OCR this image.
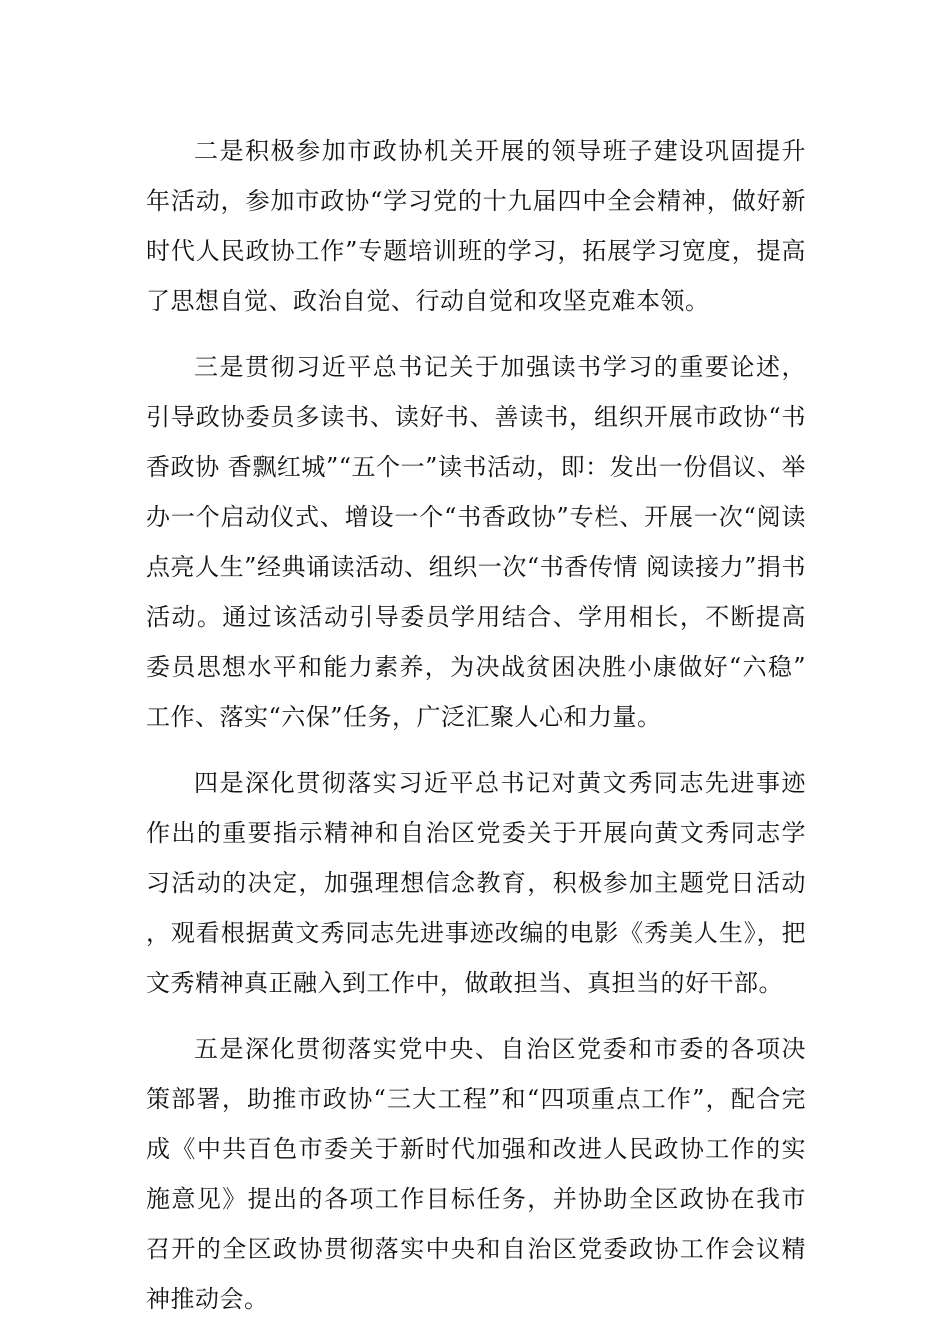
二是积极参加市政协机关开展的领导班子建设巩固提升年活动，参加市政协“学习党的十九届四中全会精神，做好新时代人民政协工作”专题培训班的学习，拓展学习宽度，提高了思想自觉、政治自觉、行动自觉和攻坚克难本领。

三是贯彻习近平总书记关于加强读书学习的重要论述，引导政协委员多读书、读好书、善读书，组织开展市政协“书香政协 香飘红城”“五个一”读书活动，即：发出一份倡议、举办一个启动仪式、增设一个“书香政协”专栏、开展一次“阅读点亮人生”经典诵读活动、组织一次“书香传情 阅读接力”捐书活动。通过该活动引导委员学用结合、学用相长，不断提高委员思想水平和能力素养，为决战贫困决胜小康做好“六稳”工作、落实“六保”任务，广泛汇聚人心和力量。

四是深化贯彻落实习近平总书记对黄文秀同志先进事迹作出的重要指示精神和自治区党委关于开展向黄文秀同志学习活动的决定，加强理想信念教育，积极参加主题党日活动，观看根据黄文秀同志先进事迹改编的电影《秀美人生》，把文秀精神真正融入到工作中，做敢担当、真担当的好干部。

五是深化贯彻落实党中央、自治区党委和市委的各项决策部署，助推市政协“三大工程”和“四项重点工作”，配合完成《中共百色市委关于新时代加强和改进人民政协工作的实施意见》提出的各项工作目标任务，并协助全区政协在我市召开的全区政协贯彻落实中央和自治区党委政协工作会议精神推动会。
